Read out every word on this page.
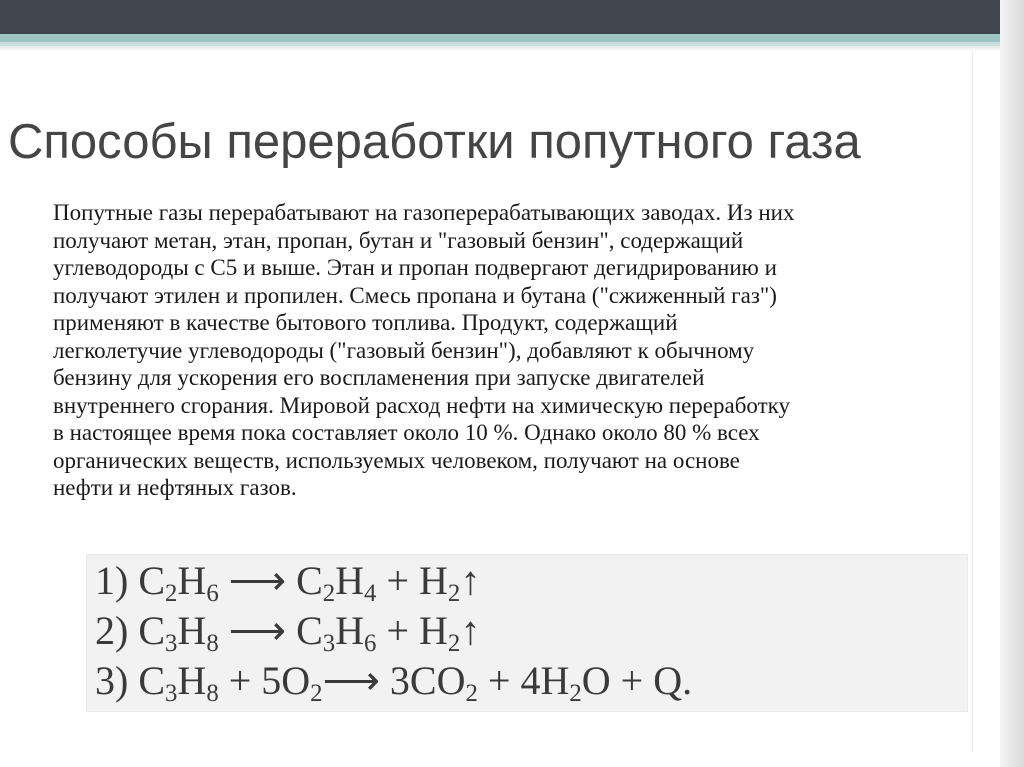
Способы переработки попутного газа

Попутные газы перерабатывают на газоперерабатывающих заводах. Из них
получают метан, этан, пропан, бутан и "газовый бензин", содержащий
углеводороды с С5 и выше. Этан и пропан подвергают дегидрированию и
получают этилен и пропилен. Смесь пропана и бутана ("сжиженный газ")
применяют в качестве бытового топлива. Продукт, содержащий
легколетучие углеводороды ("газовый бензин"), добавляют к обычному
бензину для ускорения его воспламенения при запуске двигателей
внутреннего сгорания. Мировой расход нефти на химическую переработку
в настоящее время пока составляет около 10 %. Однако около 80 % всех
органических веществ, используемых человеком, получают на основе
нефти и нефтяных газов.

1) $C_2H_6$ ⟶ $C_2H_4$ + $H_2↑$
2) $C_3H_8$ ⟶ $C_3H_6$ + $H_2↑$
3) $C_3H_8$ + $5O_2⟶$ $3CO_2 + 4H_2O + Q$.
